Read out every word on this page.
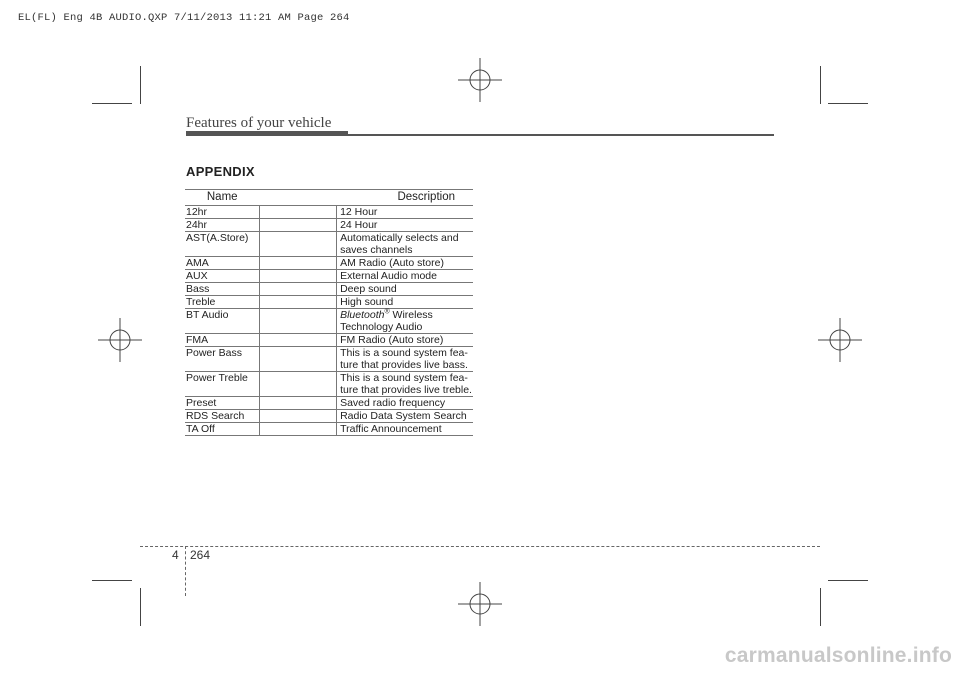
EL(FL) Eng 4B AUDIO.QXP 7/11/2013 11:21 AM Page 264
Features of your vehicle
APPENDIX
Name		Description
12hr		12 Hour

24hr		24 Hour

AST(A.Store)		Automatically selects and
saves channels

AMA		AM Radio (Auto store)

AUX		External Audio mode

Bass		Deep sound

Treble		High sound

BT Audio		Bluetooth® Wireless
Technology Audio

FMA		FM Radio (Auto store)

Power Bass		This is a sound system fea-
ture that provides live bass.

Power Treble		This is a sound system fea-
ture that provides live treble.

Preset		Saved radio frequency

RDS Search		Radio Data System Search

TA Off		Traffic Announcement
4 264
carmanualsonline.info
